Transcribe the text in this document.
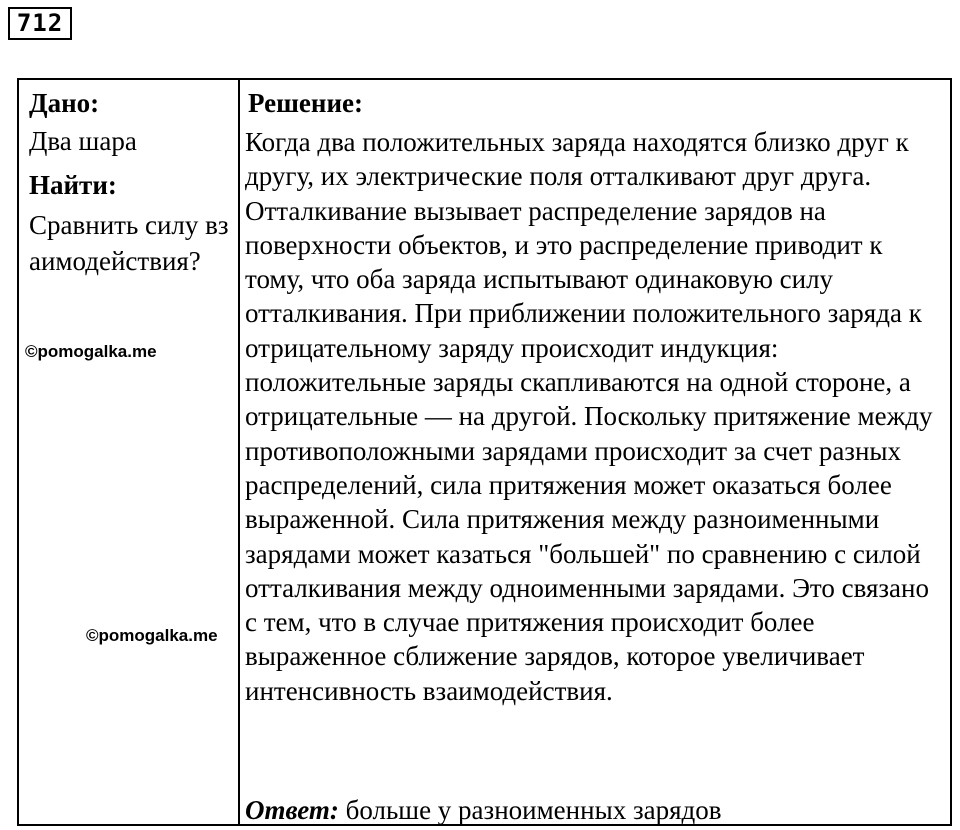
712
Дано:
Два шара
Найти:
Сравнить силу взаимодействия?
©pomogalka.me
©pomogalka.me
Решение:
Когда два положительных заряда находятся близко друг к другу, их электрические поля отталкивают друг друга. Отталкивание вызывает распределение зарядов на поверхности объектов, и это распределение приводит к тому, что оба заряда испытывают одинаковую силу отталкивания. При приближении положительного заряда к отрицательному заряду происходит индукция: положительные заряды скапливаются на одной стороне, а отрицательные — на другой. Поскольку притяжение между противоположными зарядами происходит за счет разных распределений, сила притяжения может оказаться более выраженной. Сила притяжения между разноименными зарядами может казаться "большей" по сравнению с силой отталкивания между одноименными зарядами. Это связано с тем, что в случае притяжения происходит более выраженное сближение зарядов, которое увеличивает интенсивность взаимодействия.
Ответ: больше у разноименных зарядов
